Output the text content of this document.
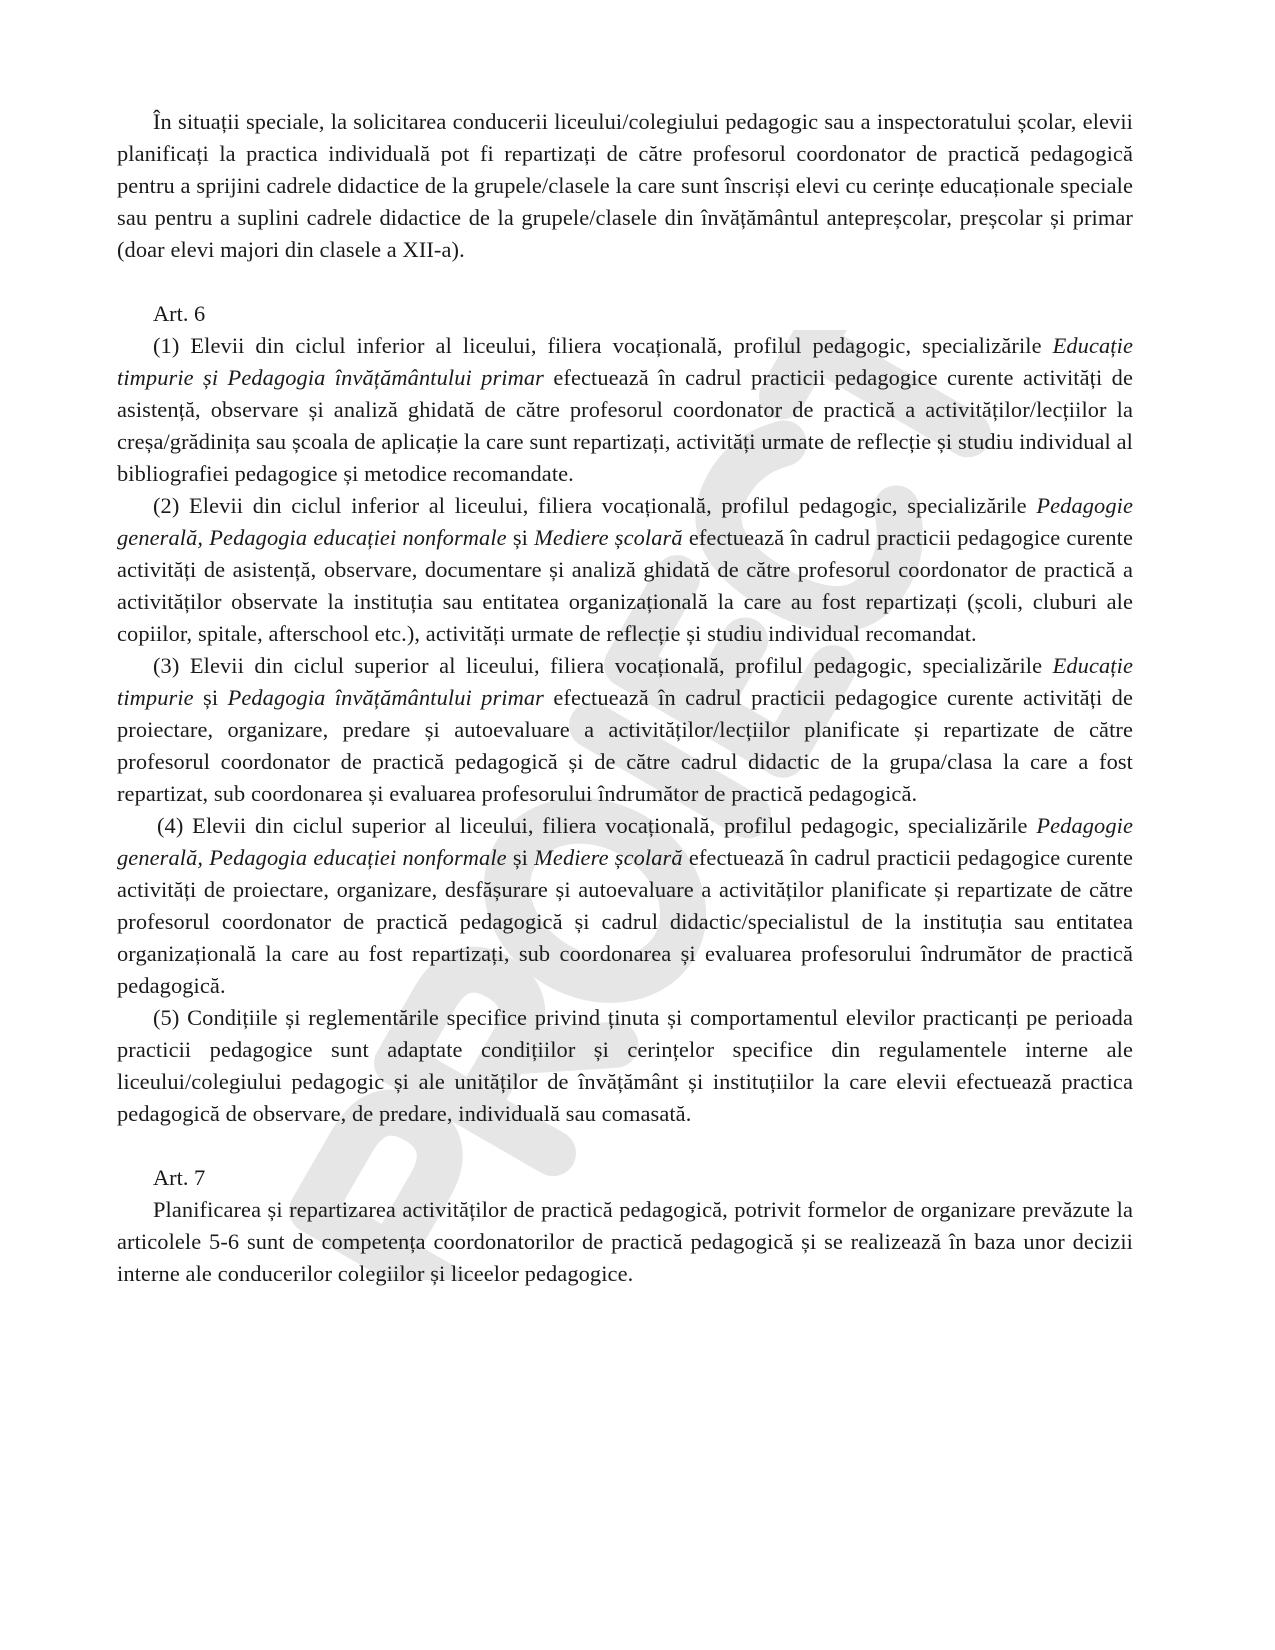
În situații speciale, la solicitarea conducerii liceului/colegiului pedagogic sau a inspectoratului școlar, elevii planificați la practica individuală pot fi repartizați de către profesorul coordonator de practică pedagogică pentru a sprijini cadrele didactice de la grupele/clasele la care sunt înscriși elevi cu cerințe educaționale speciale sau pentru a suplini cadrele didactice de la grupele/clasele din învățământul antepreșcolar, preșcolar și primar (doar elevi majori din clasele a XII-a).

Art. 6

(1) Elevii din ciclul inferior al liceului, filiera vocațională, profilul pedagogic, specializările Educație timpurie și Pedagogia învățământului primar efectuează în cadrul practicii pedagogice curente activități de asistență, observare și analiză ghidată de către profesorul coordonator de practică a activităților/lecțiilor la creșa/grădinița sau școala de aplicație la care sunt repartizați, activități urmate de reflecție și studiu individual al bibliografiei pedagogice și metodice recomandate.

(2) Elevii din ciclul inferior al liceului, filiera vocațională, profilul pedagogic, specializările Pedagogie generală, Pedagogia educației nonformale și Mediere școlară efectuează în cadrul practicii pedagogice curente activități de asistență, observare, documentare și analiză ghidată de către profesorul coordonator de practică a activităților observate la instituția sau entitatea organizațională la care au fost repartizați (școli, cluburi ale copiilor, spitale, afterschool etc.), activități urmate de reflecție și studiu individual recomandat.

(3) Elevii din ciclul superior al liceului, filiera vocațională, profilul pedagogic, specializările Educație timpurie și Pedagogia învățământului primar efectuează în cadrul practicii pedagogice curente activități de proiectare, organizare, predare și autoevaluare a activităților/lecțiilor planificate și repartizate de către profesorul coordonator de practică pedagogică și de către cadrul didactic de la grupa/clasa la care a fost repartizat, sub coordonarea și evaluarea profesorului îndrumător de practică pedagogică.

(4) Elevii din ciclul superior al liceului, filiera vocațională, profilul pedagogic, specializările Pedagogie generală, Pedagogia educației nonformale și Mediere școlară efectuează în cadrul practicii pedagogice curente activități de proiectare, organizare, desfășurare și autoevaluare a activităților planificate și repartizate de către profesorul coordonator de practică pedagogică și cadrul didactic/specialistul de la instituția sau entitatea organizațională la care au fost repartizați, sub coordonarea și evaluarea profesorului îndrumător de practică pedagogică.

(5) Condițiile și reglementările specifice privind ținuta și comportamentul elevilor practicanți pe perioada practicii pedagogice sunt adaptate condițiilor și cerințelor specifice din regulamentele interne ale liceului/colegiului pedagogic și ale unităților de învățământ și instituțiilor la care elevii efectuează practica pedagogică de observare, de predare, individuală sau comasată.

Art. 7

Planificarea și repartizarea activităților de practică pedagogică, potrivit formelor de organizare prevăzute la articolele 5-6 sunt de competența coordonatorilor de practică pedagogică și se realizează în baza unor decizii interne ale conducerilor colegiilor și liceelor pedagogice.
